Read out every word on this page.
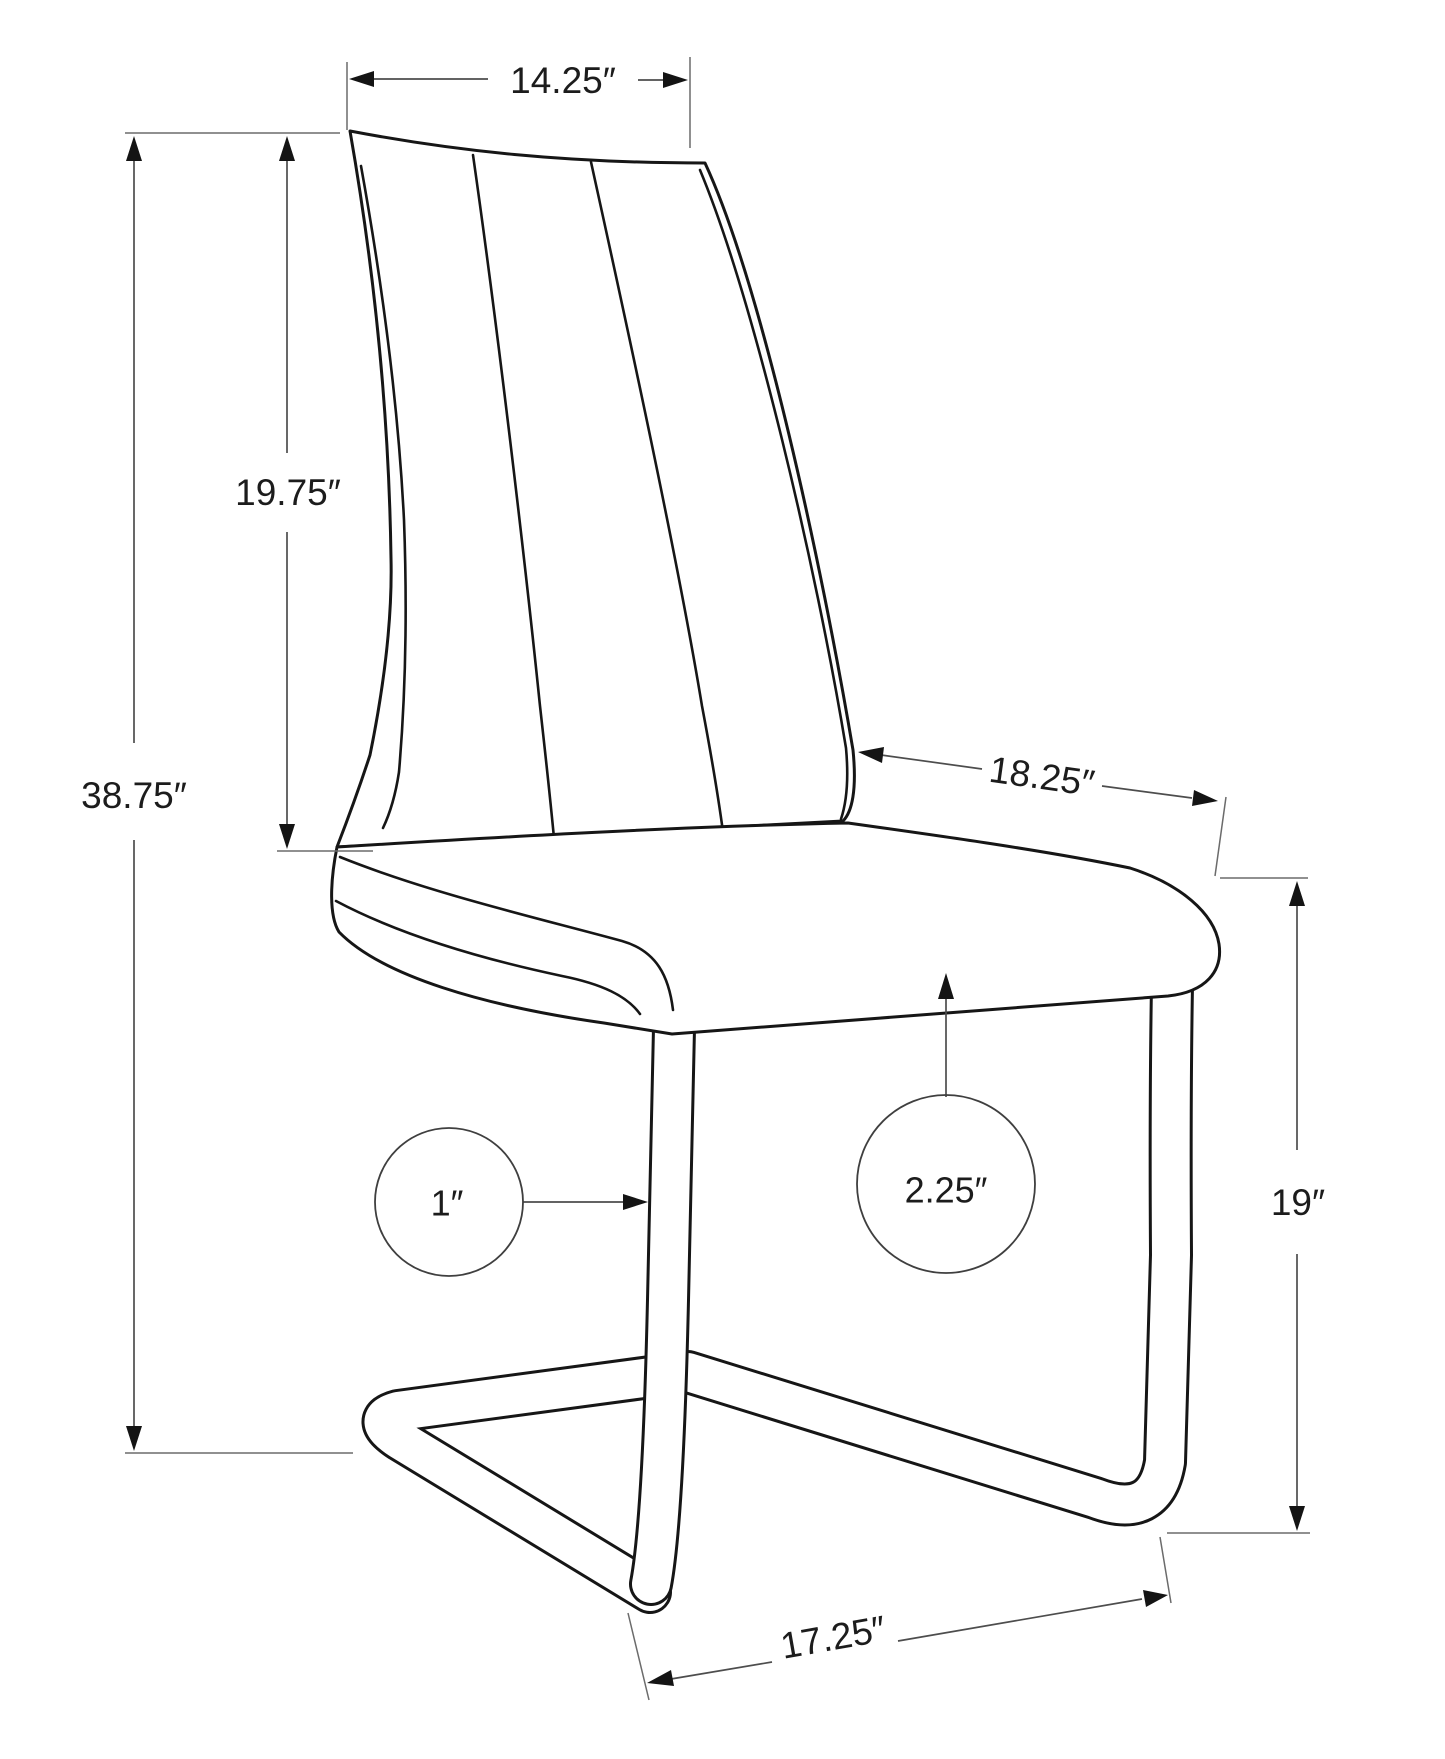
14.25″
19.75″
38.75″	18.25″
19″
17.25″
1″	2.25″
